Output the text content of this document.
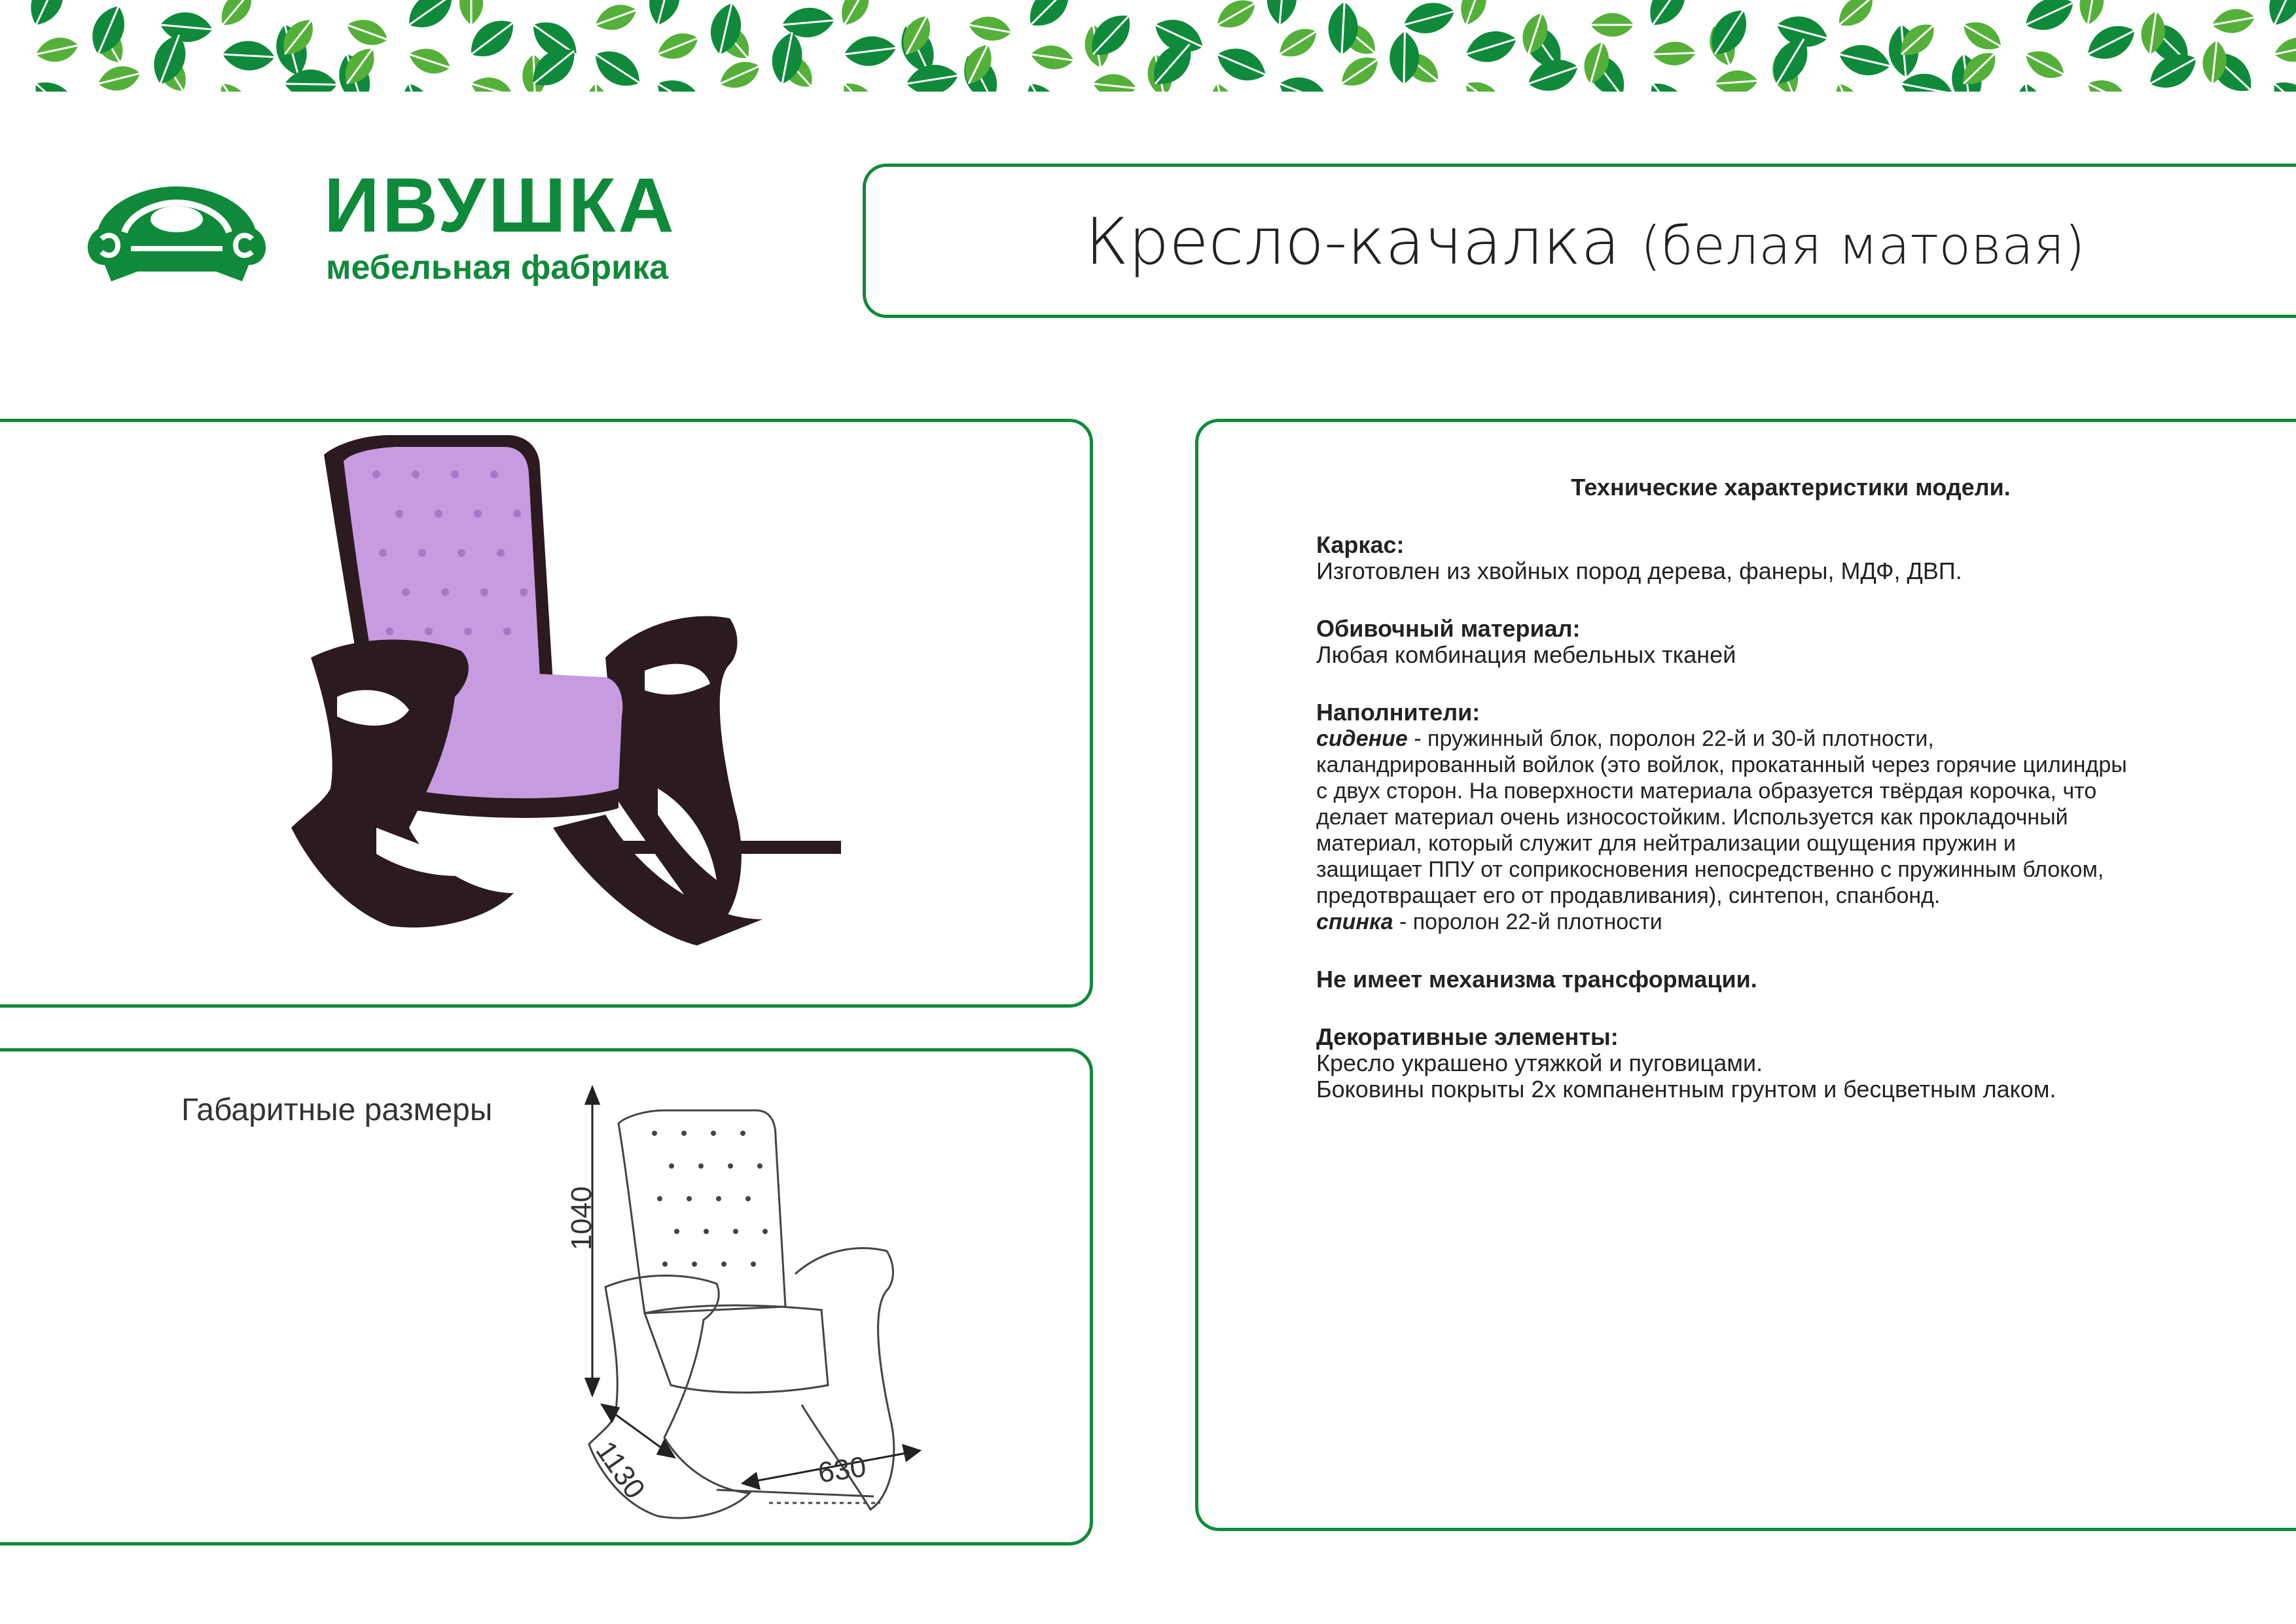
ИВУШКА
мебельная фабрика	Кресло-качалка (белая матовая)
Габаритные размеры
1040
1130	630
Технические характеристики модели.
Каркас:
Изготовлен из хвойных пород дерева, фанеры, МДФ, ДВП.
Обивочный материал:
Любая комбинация мебельных тканей
Наполнители:
сидение - пружинный блок, поролон 22-й и 30-й плотности,
каландрированный войлок (это войлок, прокатанный через горячие цилиндры
с двух сторон. На поверхности материала образуется твёрдая корочка, что
делает материал очень износостойким. Используется как прокладочный
материал, который служит для нейтрализации ощущения пружин и
защищает ППУ от соприкосновения непосредственно с пружинным блоком,
предотвращает его от продавливания), синтепон, спанбонд.
спинка - поролон 22-й плотности
Не имеет механизма трансформации.
Декоративные элементы:
Кресло украшено утяжкой и пуговицами.
Боковины покрыты 2х компанентным грунтом и бесцветным лаком.
